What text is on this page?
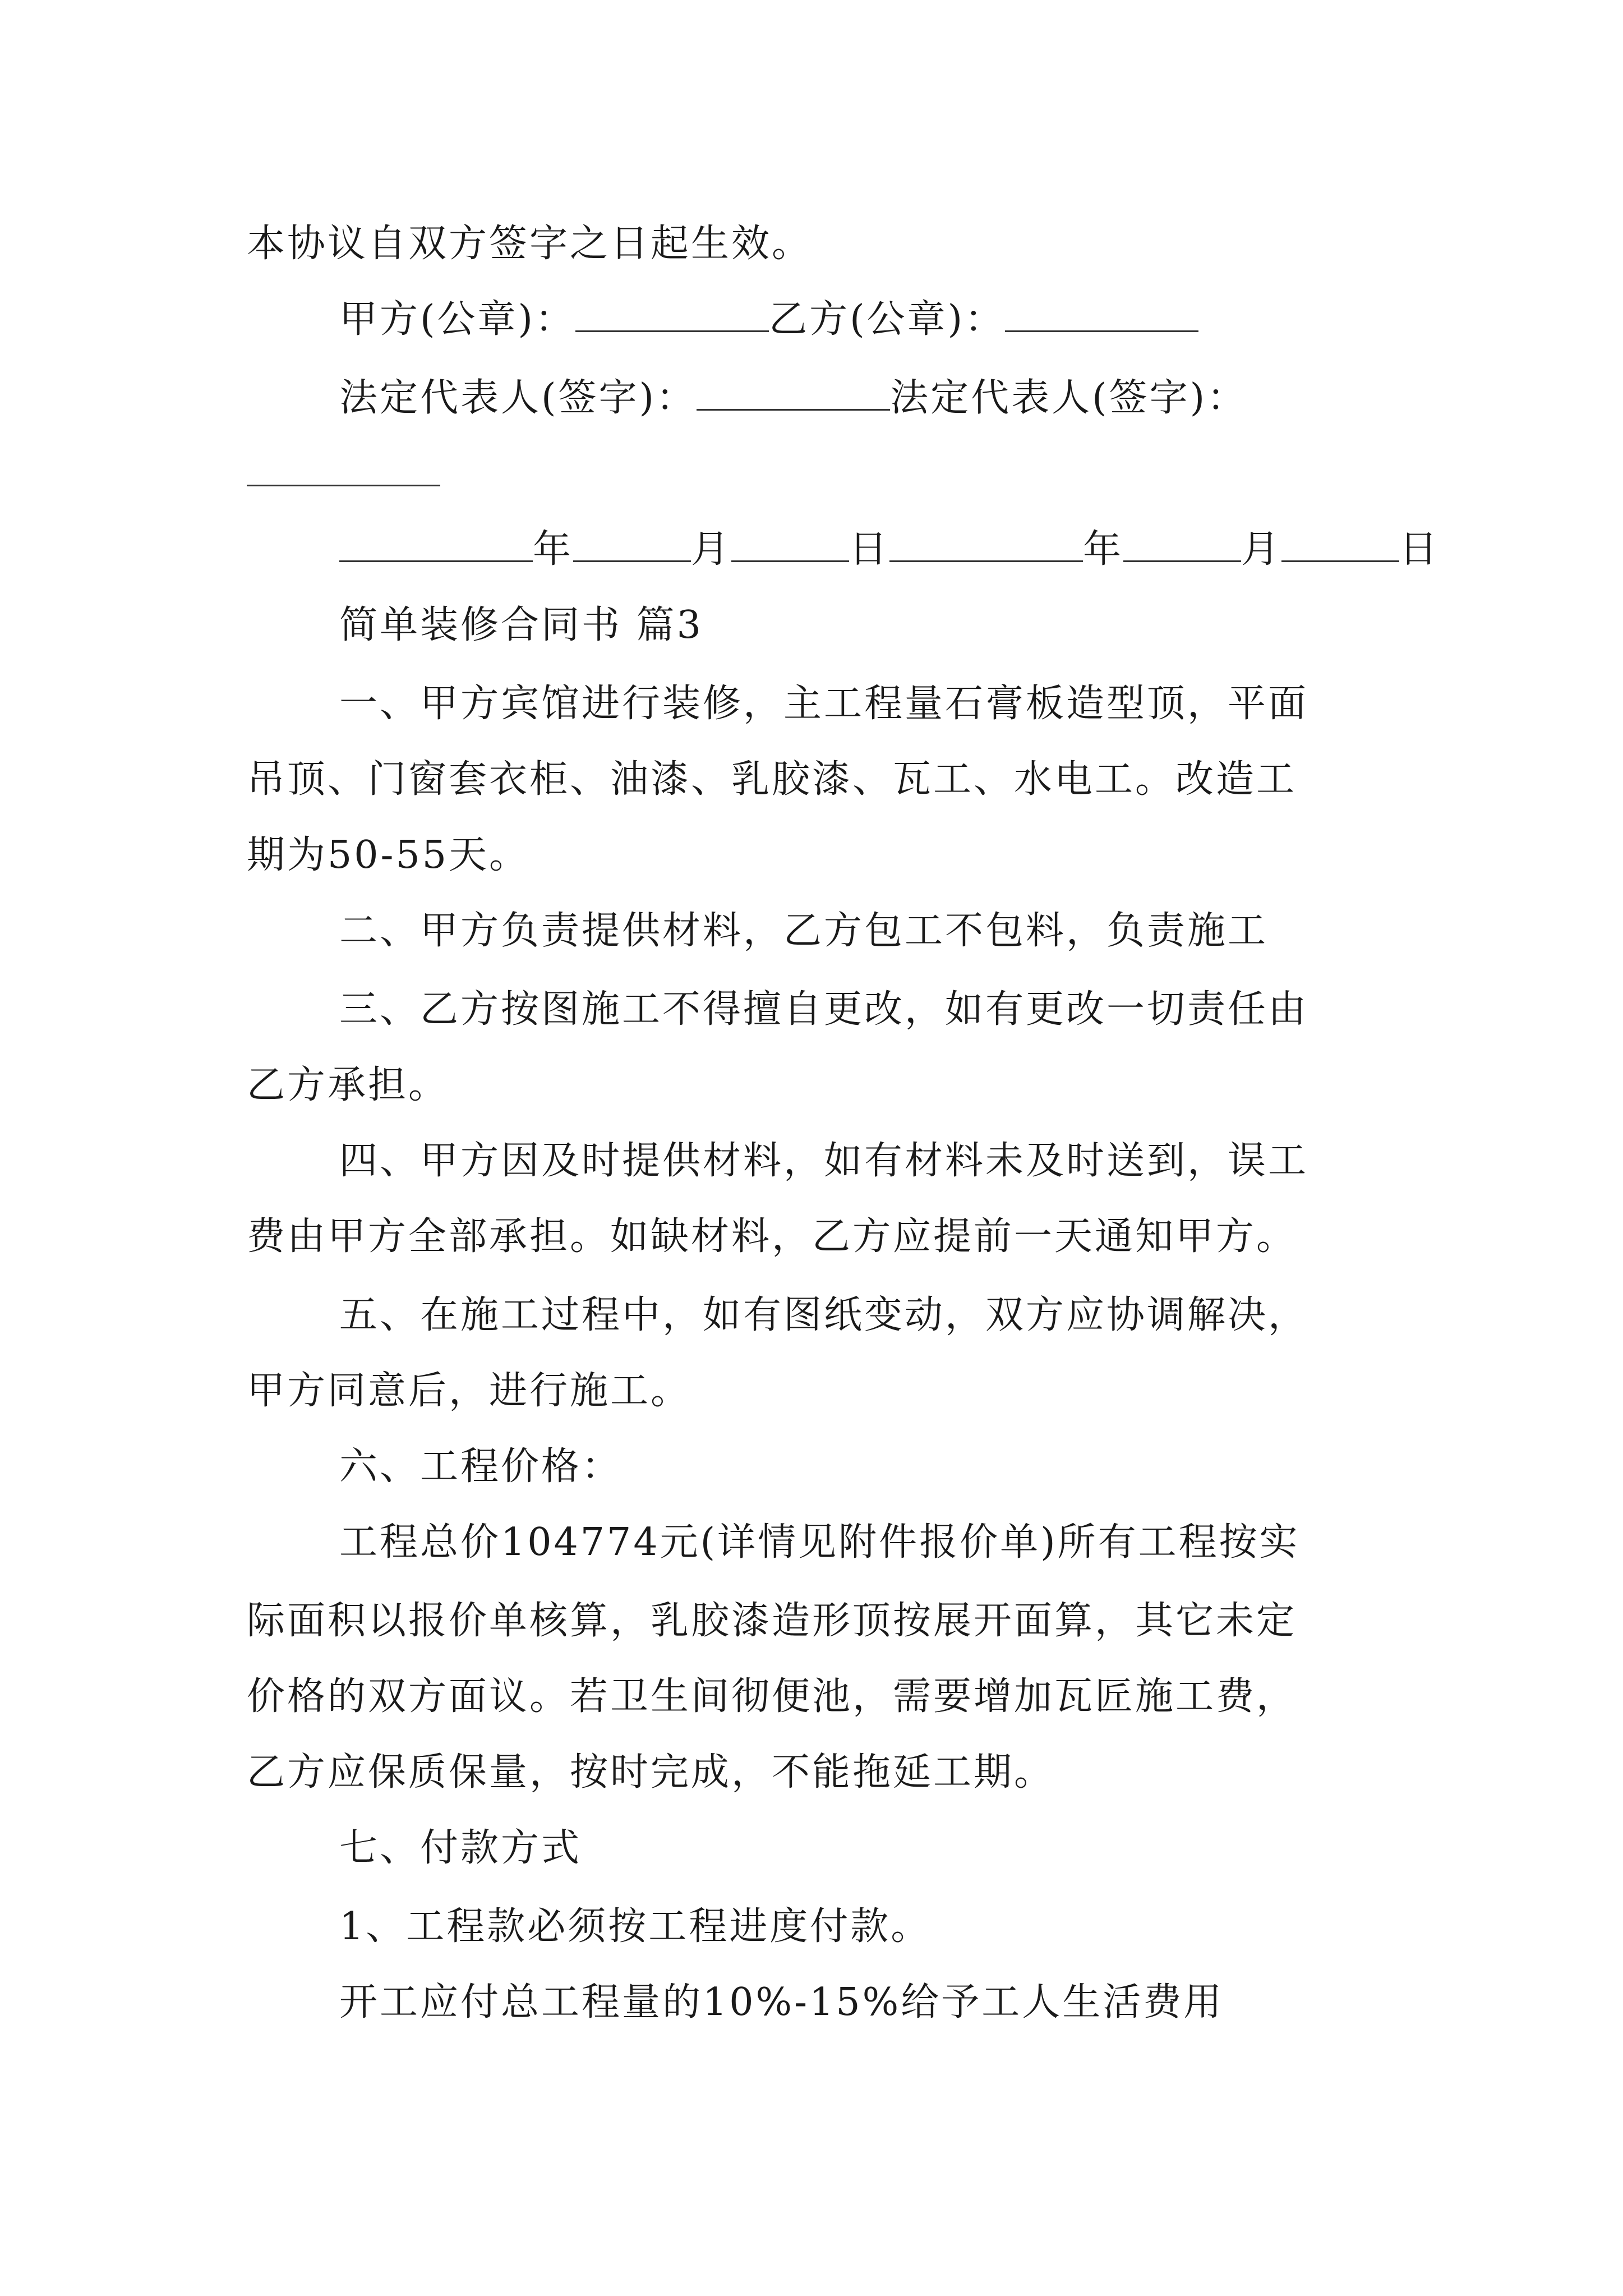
本协议自双方签字之日起生效。
甲方(公章)：	乙方(公章)：
法定代表人(签字)：	法定代表人(签字)：
年	月	日	年	月	日
简单装修合同书 篇3
一、甲方宾馆进行装修，主工程量石膏板造型顶，平面
吊顶、门窗套衣柜、油漆、乳胶漆、瓦工、水电工。改造工
期为50-55天。
二、甲方负责提供材料，乙方包工不包料，负责施工
三、乙方按图施工不得擅自更改，如有更改一切责任由
乙方承担。
四、甲方因及时提供材料，如有材料未及时送到，误工
费由甲方全部承担。如缺材料，乙方应提前一天通知甲方。
五、在施工过程中，如有图纸变动，双方应协调解决，
甲方同意后，进行施工。
六、工程价格：
工程总价104774元(详情见附件报价单)所有工程按实
际面积以报价单核算，乳胶漆造形顶按展开面算，其它未定
价格的双方面议。若卫生间彻便池，需要增加瓦匠施工费，
乙方应保质保量，按时完成，不能拖延工期。
七、付款方式
1、工程款必须按工程进度付款。
开工应付总工程量的10%-15%给予工人生活费用
